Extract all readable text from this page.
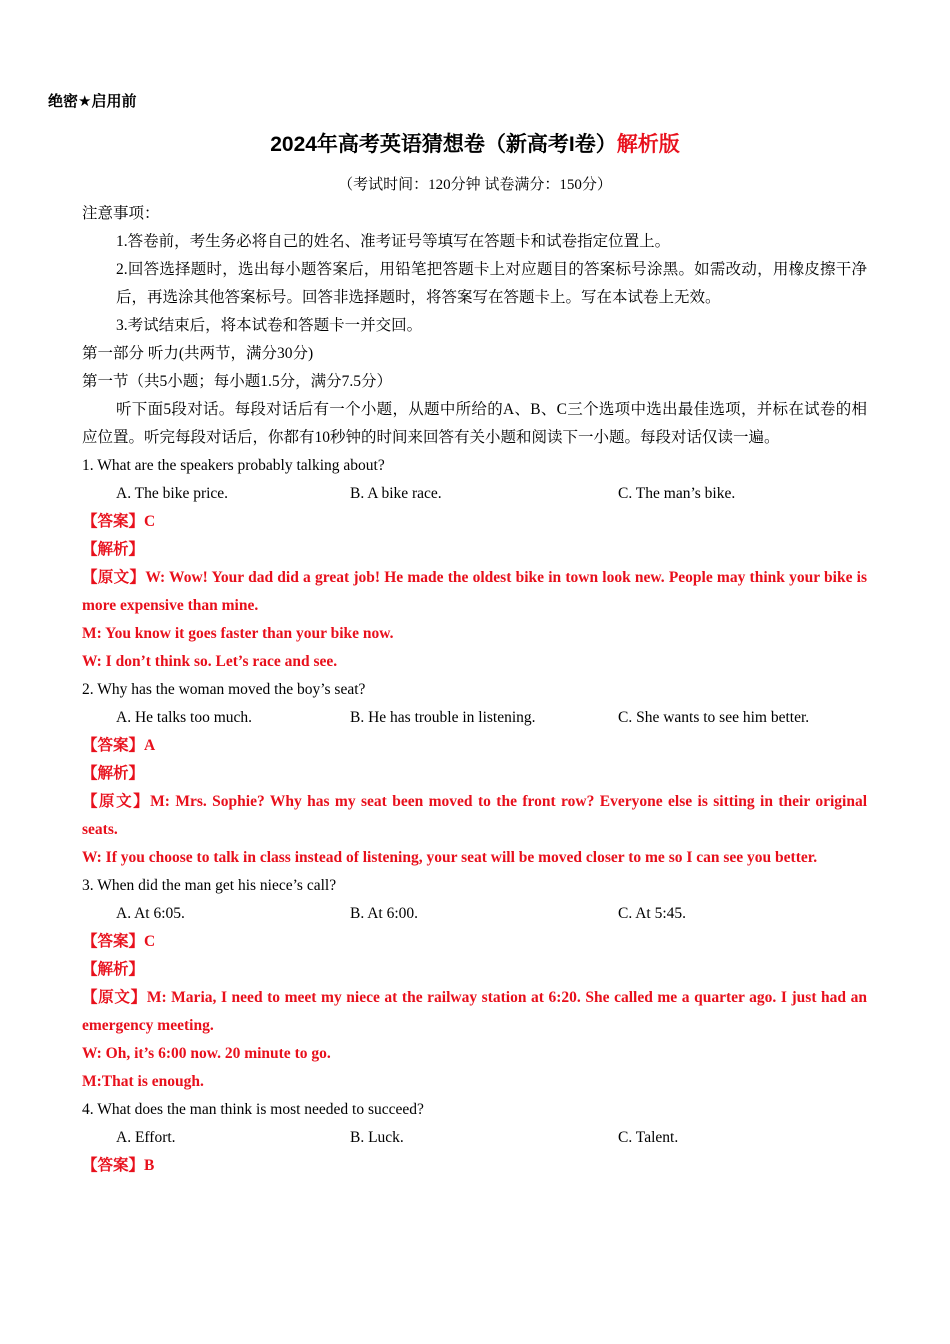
绝密★启用前
2024年高考英语猜想卷（新高考I卷）解析版
（考试时间：120分钟 试卷满分：150分）
注意事项：
1.答卷前，考生务必将自己的姓名、准考证号等填写在答题卡和试卷指定位置上。
2.回答选择题时，选出每小题答案后，用铅笔把答题卡上对应题目的答案标号涂黑。如需改动，用橡皮擦干净后，再选涂其他答案标号。回答非选择题时，将答案写在答题卡上。写在本试卷上无效。
3.考试结束后，将本试卷和答题卡一并交回。
第一部分 听力(共两节，满分30分)
第一节（共5小题；每小题1.5分，满分7.5分）
听下面5段对话。每段对话后有一个小题，从题中所给的A、B、C三个选项中选出最佳选项，并标在试卷的相应位置。听完每段对话后，你都有10秒钟的时间来回答有关小题和阅读下一小题。每段对话仅读一遍。
1. What are the speakers probably talking about?
A. The bike price.	B. A bike race.	C. The man’s bike.
【答案】C
【解析】
【原文】W: Wow! Your dad did a great job! He made the oldest bike in town look new. People may think your bike is more expensive than mine.
M: You know it goes faster than your bike now.
W: I don’t think so. Let’s race and see.
2. Why has the woman moved the boy’s seat?
A. He talks too much.	B. He has trouble in listening.	C. She wants to see him better.
【答案】A
【解析】
【原文】M: Mrs. Sophie? Why has my seat been moved to the front row? Everyone else is sitting in their original seats.
W: If you choose to talk in class instead of listening, your seat will be moved closer to me so I can see you better.
3. When did the man get his niece’s call?
A. At 6:05.	B. At 6:00.	C. At 5:45.
【答案】C
【解析】
【原文】M: Maria, I need to meet my niece at the railway station at 6:20. She called me a quarter ago. I just had an emergency meeting.
W: Oh, it’s 6:00 now. 20 minute to go.
M:That is enough.
4. What does the man think is most needed to succeed?
A. Effort.	B. Luck.	C. Talent.
【答案】B
